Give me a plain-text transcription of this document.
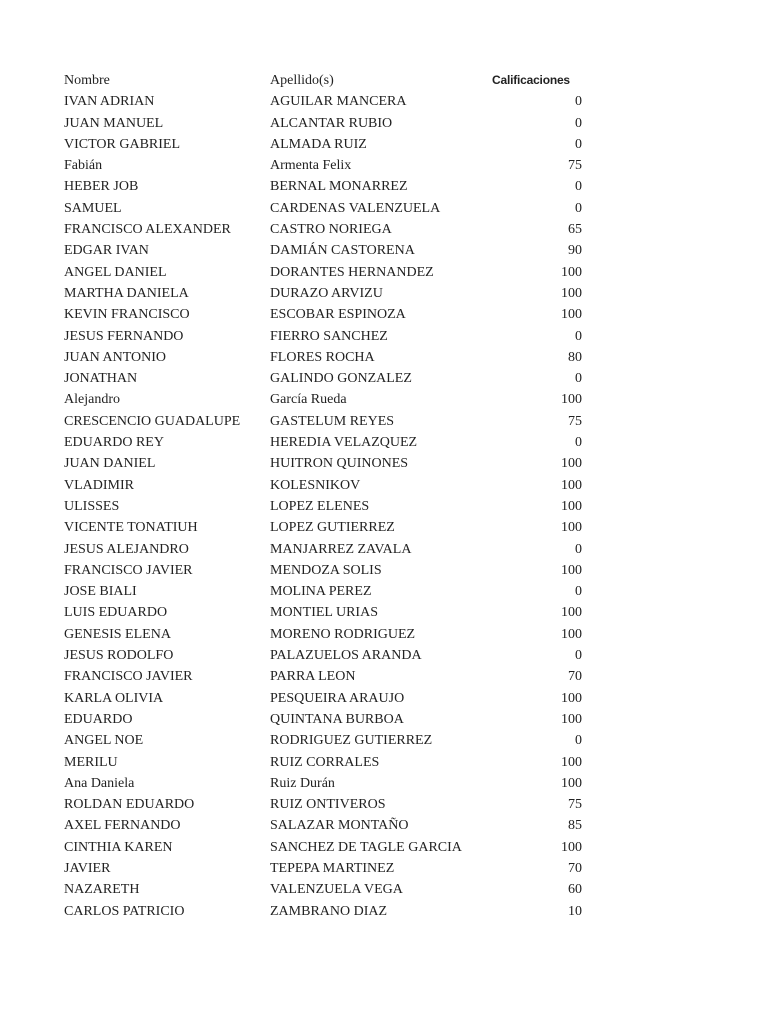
Nombre	Apellido(s)	Calificaciones
IVAN ADRIAN	AGUILAR MANCERA	0
JUAN MANUEL	ALCANTAR RUBIO	0
VICTOR GABRIEL	ALMADA RUIZ	0
Fabián	Armenta Felix	75
HEBER JOB	BERNAL MONARREZ	0
SAMUEL	CARDENAS VALENZUELA	0
FRANCISCO ALEXANDER	CASTRO NORIEGA	65
EDGAR IVAN	DAMIÁN CASTORENA	90
ANGEL DANIEL	DORANTES HERNANDEZ	100
MARTHA DANIELA	DURAZO ARVIZU	100
KEVIN FRANCISCO	ESCOBAR ESPINOZA	100
JESUS FERNANDO	FIERRO SANCHEZ	0
JUAN ANTONIO	FLORES ROCHA	80
JONATHAN	GALINDO GONZALEZ	0
Alejandro	García Rueda	100
CRESCENCIO GUADALUPE	GASTELUM REYES	75
EDUARDO REY	HEREDIA VELAZQUEZ	0
JUAN DANIEL	HUITRON QUINONES	100
VLADIMIR	KOLESNIKOV	100
ULISSES	LOPEZ ELENES	100
VICENTE TONATIUH	LOPEZ GUTIERREZ	100
JESUS ALEJANDRO	MANJARREZ ZAVALA	0
FRANCISCO JAVIER	MENDOZA SOLIS	100
JOSE BIALI	MOLINA PEREZ	0
LUIS EDUARDO	MONTIEL URIAS	100
GENESIS ELENA	MORENO RODRIGUEZ	100
JESUS RODOLFO	PALAZUELOS ARANDA	0
FRANCISCO JAVIER	PARRA LEON	70
KARLA OLIVIA	PESQUEIRA ARAUJO	100
EDUARDO	QUINTANA BURBOA	100
ANGEL NOE	RODRIGUEZ GUTIERREZ	0
MERILU	RUIZ CORRALES	100
Ana Daniela	Ruiz Durán	100
ROLDAN EDUARDO	RUIZ ONTIVEROS	75
AXEL FERNANDO	SALAZAR MONTAÑO	85
CINTHIA KAREN	SANCHEZ DE TAGLE GARCIA	100
JAVIER	TEPEPA MARTINEZ	70
NAZARETH	VALENZUELA VEGA	60
CARLOS PATRICIO	ZAMBRANO DIAZ	10
